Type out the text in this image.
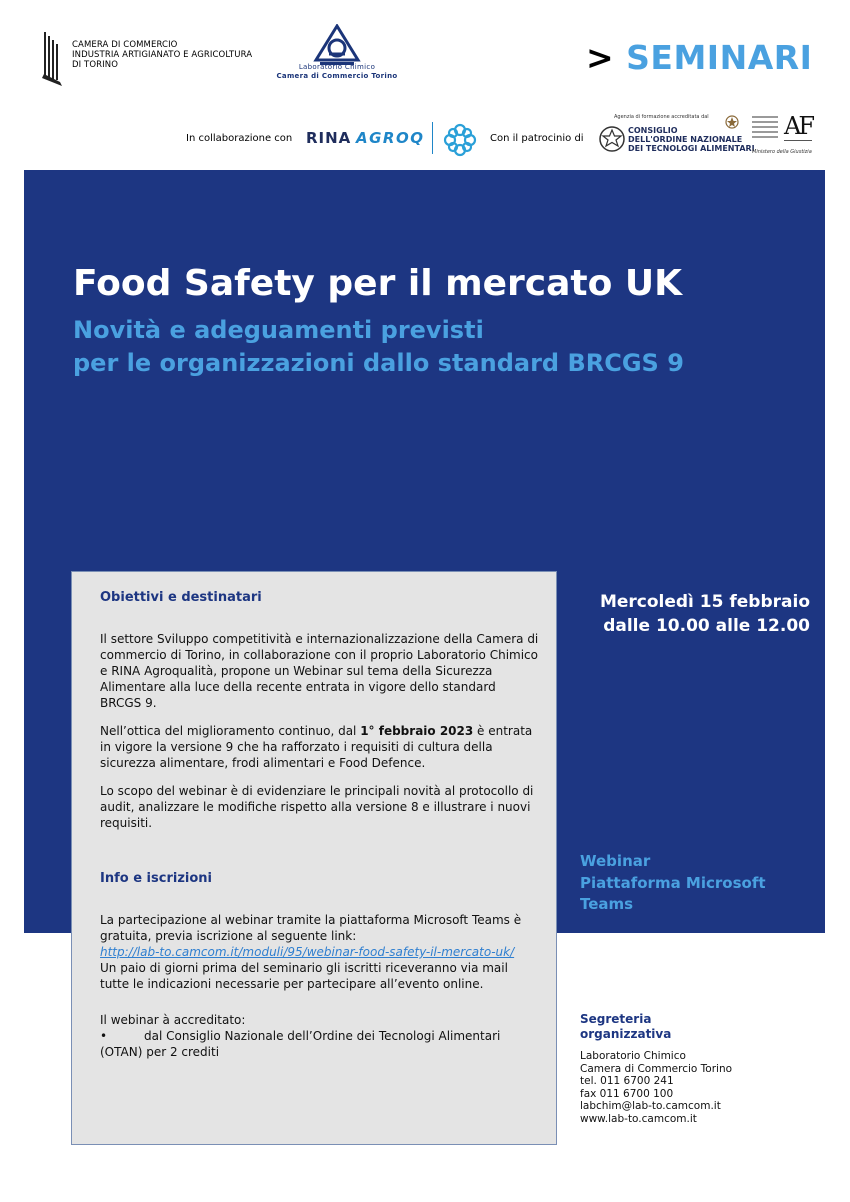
CAMERA DI COMMERCIO
INDUSTRIA ARTIGIANATO E AGRICOLTURA
DI TORINO	Laboratorio Chimico
Camera di Commercio Torino	> SEMINARI
In collaborazione con RINA AGROQ	Con il patrocinio di
Agenzia di formazione accreditata dal
CONSIGLIO
DELL'ORDINE NAZIONALE
DEI TECNOLOGI ALIMENTARI
AF
Ministero della Giustizia
Food Safety per il mercato UK
Novità e adeguamenti previsti
per le organizzazioni dallo standard BRCGS 9
Mercoledì 15 febbraio
dalle 10.00 alle 12.00
Webinar
Piattaforma Microsoft
Teams
Obiettivi e destinatari

Il settore Sviluppo competitività e internazionalizzazione della Camera di commercio di Torino, in collaborazione con il proprio Laboratorio Chimico e RINA Agroqualità, propone un Webinar sul tema della Sicurezza Alimentare alla luce della recente entrata in vigore dello standard BRCGS 9.

Nell’ottica del miglioramento continuo, dal 1° febbraio 2023 è entrata in vigore la versione 9 che ha rafforzato i requisiti di cultura della sicurezza alimentare, frodi alimentari e Food Defence.

Lo scopo del webinar è di evidenziare le principali novità al protocollo di audit, analizzare le modifiche rispetto alla versione 8 e illustrare i nuovi requisiti.

Info e iscrizioni
La partecipazione al webinar tramite la piattaforma Microsoft Teams è gratuita, previa iscrizione al seguente link:
http://lab-to.camcom.it/moduli/95/webinar-food-safety-il-mercato-uk/

Un paio di giorni prima del seminario gli iscritti riceveranno via mail tutte le indicazioni necessarie per partecipare all’evento online.

Il webinar à accreditato:
•	dal Consiglio Nazionale dell’Ordine dei Tecnologi Alimentari (OTAN) per 2 crediti
Segreteria
organizzativa
Laboratorio Chimico
Camera di Commercio Torino
tel. 011 6700 241
fax 011 6700 100
labchim@lab-to.camcom.it
www.lab-to.camcom.it
